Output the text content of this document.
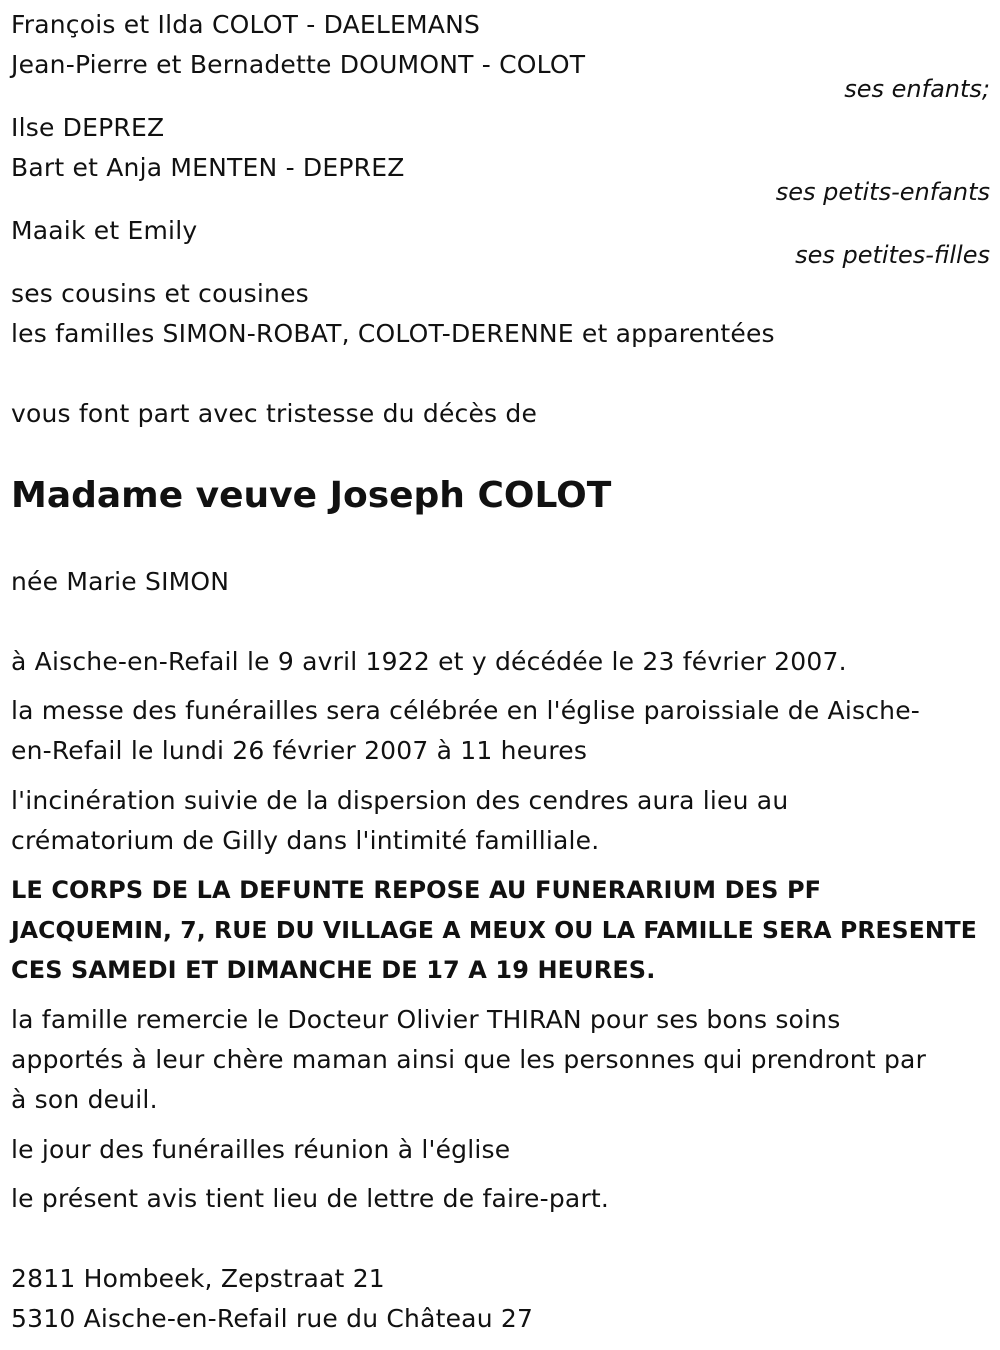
François et Ilda COLOT - DAELEMANS
Jean-Pierre et Bernadette DOUMONT - COLOT
ses enfants;
Ilse DEPREZ
Bart et Anja MENTEN - DEPREZ
ses petits-enfants
Maaik et Emily
ses petites-filles
ses cousins et cousines
les familles SIMON-ROBAT, COLOT-DERENNE et apparentées
vous font part avec tristesse du décès de
Madame veuve Joseph COLOT
née Marie SIMON
à Aische-en-Refail le 9 avril 1922 et y décédée le 23 février 2007.
la messe des funérailles sera célébrée en l'église paroissiale de Aische-
en-Refail le lundi 26 février 2007 à 11 heures
l'incinération suivie de la dispersion des cendres aura lieu au
crématorium de Gilly dans l'intimité familliale.
LE CORPS DE LA DEFUNTE REPOSE AU FUNERARIUM DES PF
JACQUEMIN, 7, RUE DU VILLAGE A MEUX OU LA FAMILLE SERA PRESENTE
CES SAMEDI ET DIMANCHE DE 17 A 19 HEURES.
la famille remercie le Docteur Olivier THIRAN pour ses bons soins
apportés à leur chère maman ainsi que les personnes qui prendront par
à son deuil.
le jour des funérailles réunion à l'église
le présent avis tient lieu de lettre de faire-part.
2811 Hombeek, Zepstraat 21
5310 Aische-en-Refail rue du Château 27
